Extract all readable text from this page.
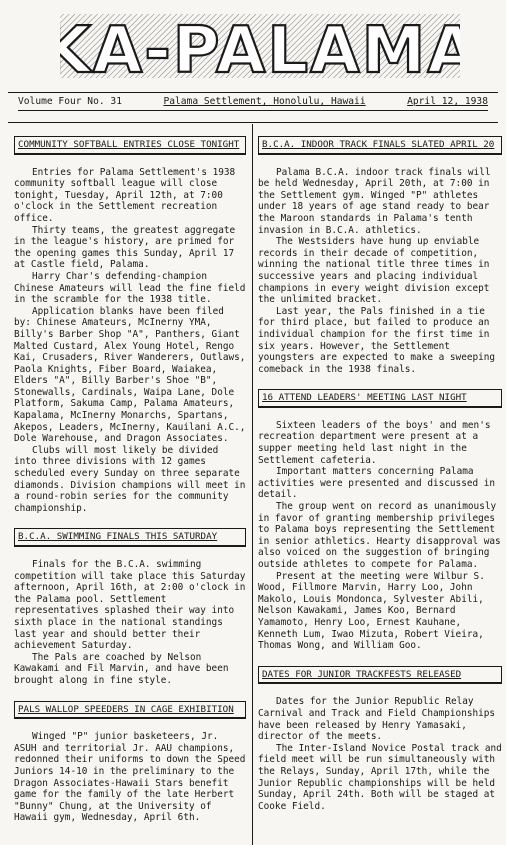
KA-PALAMA
Volume Four No. 31	Palama Settlement, Honolulu, Hawaii	April 12, 1938
COMMUNITY SOFTBALL ENTRIES CLOSE TONIGHT

Entries for Palama Settlement's 1938 community softball league will close tonight, Tuesday, April 12th, at 7:00 o'clock in the Settlement recreation office.

Thirty teams, the greatest aggregate in the league's history, are primed for the opening games this Sunday, April 17 at Castle field, Palama.

Harry Char's defending-champion Chinese Amateurs will lead the fine field in the scramble for the 1938 title.

Application blanks have been filed by: Chinese Amateurs, McInerny YMA, Billy's Barber Shop "A", Panthers, Giant Malted Custard, Alex Young Hotel, Rengo Kai, Crusaders, River Wanderers, Outlaws, Paola Knights, Fiber Board, Waiakea, Elders "A", Billy Barber's Shoe "B", Stonewalls, Cardinals, Waipa Lane, Dole Platform, Sakuma Camp, Palama Amateurs, Kapalama, McInerny Monarchs, Spartans, Akepos, Leaders, McInerny, Kauilani A.C., Dole Warehouse, and Dragon Associates.

Clubs will most likely be divided into three divisions with 12 games scheduled every Sunday on three separate diamonds. Division champions will meet in a round-robin series for the community championship.

B.C.A. SWIMMING FINALS THIS SATURDAY

Finals for the B.C.A. swimming competition will take place this Saturday afternoon, April 16th, at 2:00 o'clock in the Palama pool. Settlement representatives splashed their way into sixth place in the national standings last year and should better their achievement Saturday.

The Pals are coached by Nelson Kawakami and Fil Marvin, and have been brought along in fine style.

PALS WALLOP SPEEDERS IN CAGE EXHIBITION

Winged "P" junior basketeers, Jr. ASUH and territorial Jr. AAU champions, redonned their uniforms to down the Speed Juniors 14-10 in the preliminary to the Dragon Associates-Hawaii Stars benefit game for the family of the late Herbert "Bunny" Chung, at the University of Hawaii gym, Wednesday, April 6th.

B.C.A. INDOOR TRACK FINALS SLATED APRIL 20

Palama B.C.A. indoor track finals will be held Wednesday, April 20th, at 7:00 in the Settlement gym. Winged "P" athletes under 18 years of age stand ready to bear the Maroon standards in Palama's tenth invasion in B.C.A. athletics.

The Westsiders have hung up enviable records in their decade of competition, winning the national title three times in successive years and placing individual champions in every weight division except the unlimited bracket.

Last year, the Pals finished in a tie for third place, but failed to produce an individual champion for the first time in six years. However, the Settlement youngsters are expected to make a sweeping comeback in the 1938 finals.

16 ATTEND LEADERS' MEETING LAST NIGHT

Sixteen leaders of the boys' and men's recreation department were present at a supper meeting held last night in the Settlement cafeteria.

Important matters concerning Palama activities were presented and discussed in detail.

The group went on record as unanimously in favor of granting membership privileges to Palama boys representing the Settlement in senior athletics. Hearty disapproval was also voiced on the suggestion of bringing outside athletes to compete for Palama.

Present at the meeting were Wilbur S. Wood, Fillmore Marvin, Harry Loo, John Makolo, Louis Mondonca, Sylvester Abili, Nelson Kawakami, James Koo, Bernard Yamamoto, Henry Loo, Ernest Kauhane, Kenneth Lum, Iwao Mizuta, Robert Vieira, Thomas Wong, and William Goo.

DATES FOR JUNIOR TRACKFESTS RELEASED

Dates for the Junior Republic Relay Carnival and Track and Field Championships have been released by Henry Yamasaki, director of the meets.

The Inter-Island Novice Postal track and field meet will be run simultaneously with the Relays, Sunday, April 17th, while the Junior Republic championships will be held Sunday, April 24th. Both will be staged at Cooke Field.
